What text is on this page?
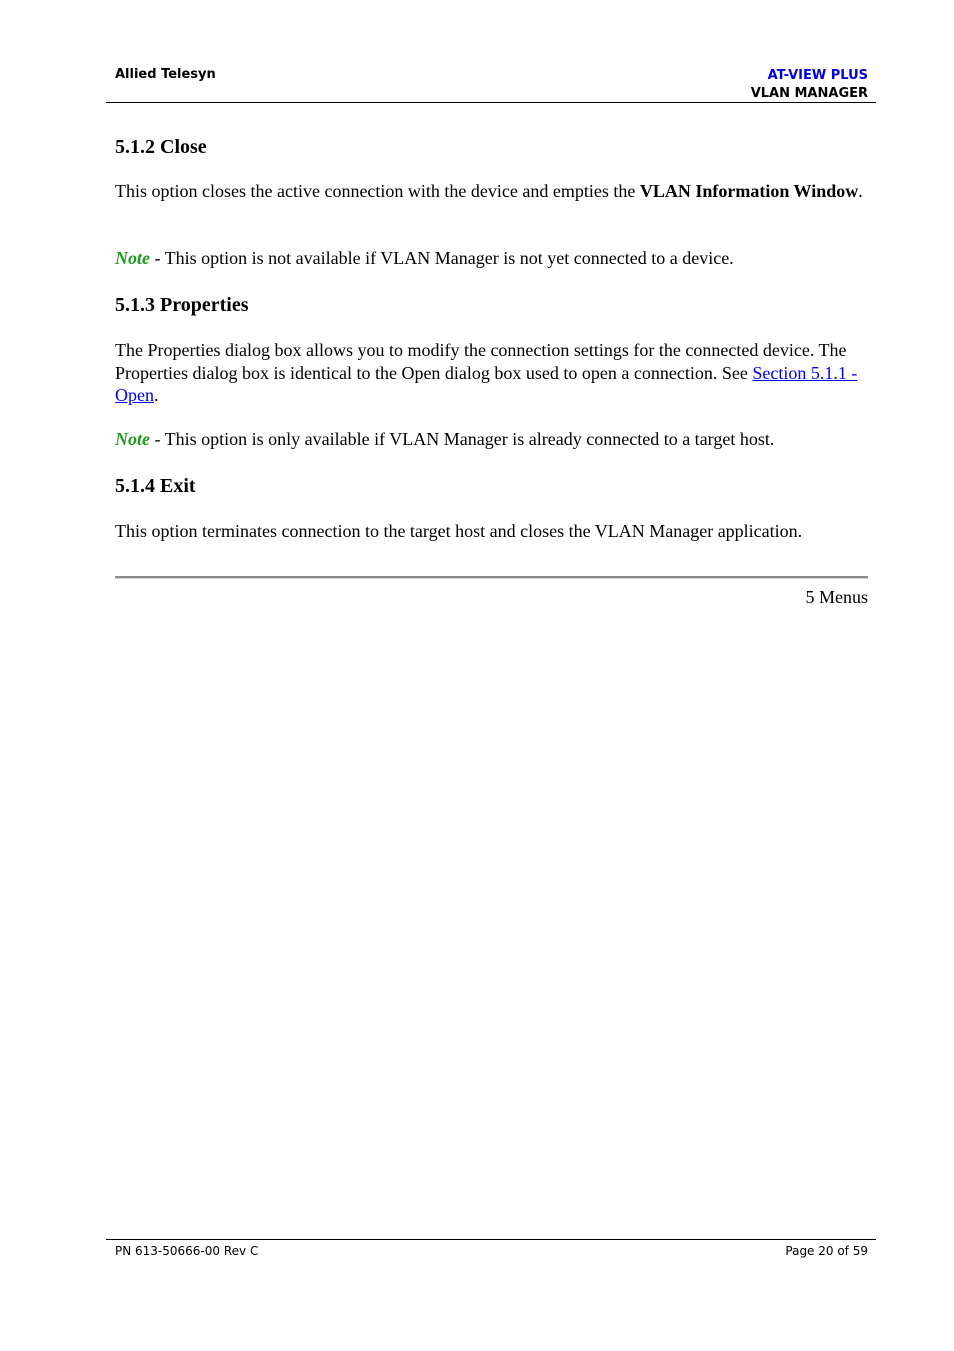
Allied Telesyn	AT-VIEW PLUS
VLAN MANAGER
5.1.2 Close

This option closes the active connection with the device and empties the VLAN Information Window.

Note - This option is not available if VLAN Manager is not yet connected to a device.

5.1.3 Properties

The Properties dialog box allows you to modify the connection settings for the connected device. The Properties dialog box is identical to the Open dialog box used to open a connection. See Section 5.1.1 - Open.

Note - This option is only available if VLAN Manager is already connected to a target host.

5.1.4 Exit

This option terminates connection to the target host and closes the VLAN Manager application.

5 Menus
PN 613-50666-00 Rev C	Page 20 of 59
